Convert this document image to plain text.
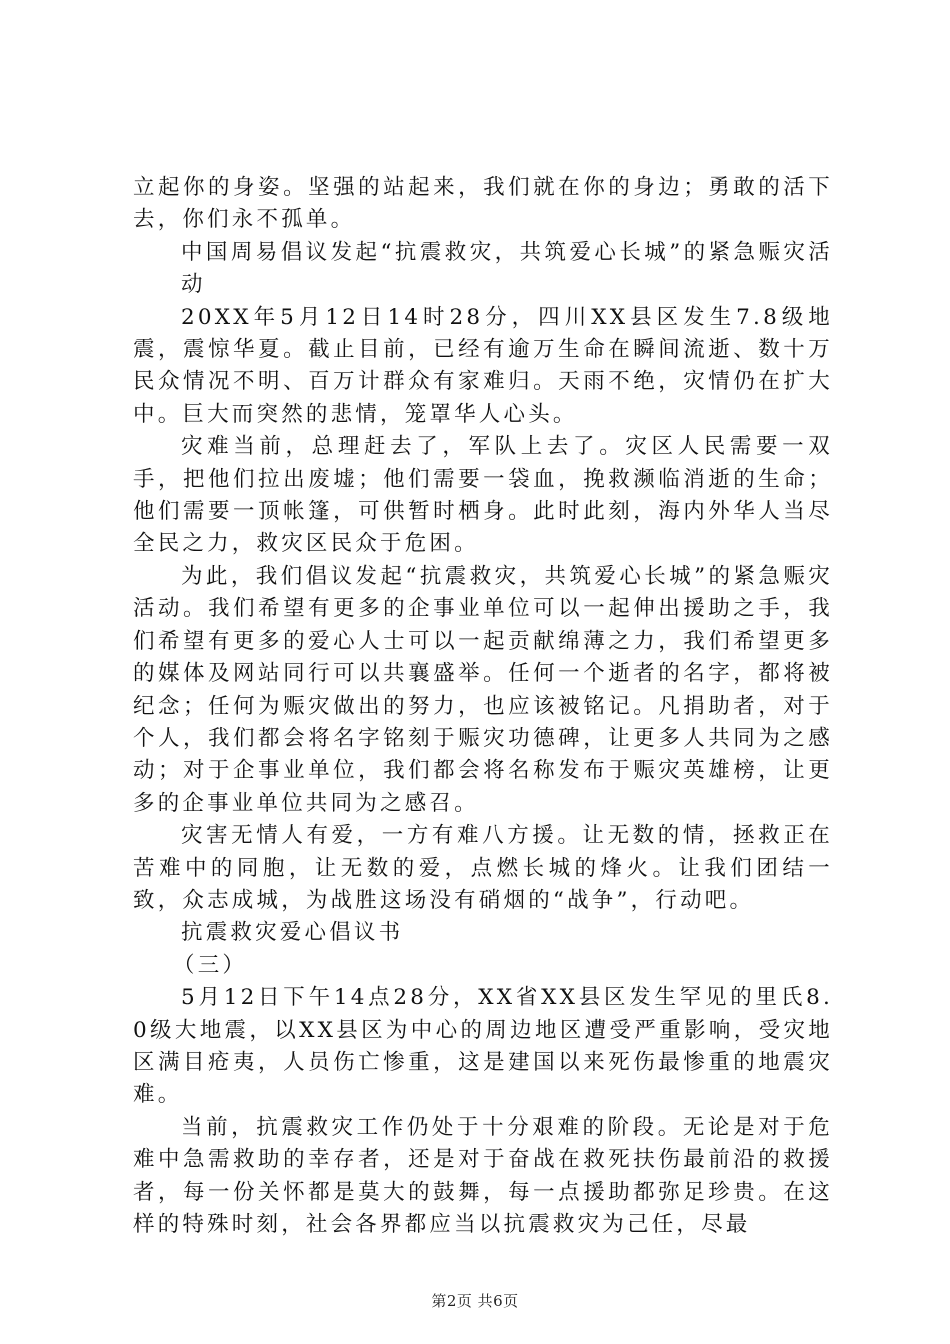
立起你的身姿。坚强的站起来，我们就在你的身边；勇敢的活下去，你们永不孤单。

中国周易倡议发起“抗震救灾，共筑爱心长城”的紧急赈灾活动

20XX年5月12日14时28分，四川XX县区发生7.8级地震，震惊华夏。截止目前，已经有逾万生命在瞬间流逝、数十万民众情况不明、百万计群众有家难归。天雨不绝，灾情仍在扩大中。巨大而突然的悲情，笼罩华人心头。

灾难当前，总理赶去了，军队上去了。灾区人民需要一双手，把他们拉出废墟；他们需要一袋血，挽救濒临消逝的生命；他们需要一顶帐篷，可供暂时栖身。此时此刻，海内外华人当尽全民之力，救灾区民众于危困。

为此，我们倡议发起“抗震救灾，共筑爱心长城”的紧急赈灾活动。我们希望有更多的企事业单位可以一起伸出援助之手，我们希望有更多的爱心人士可以一起贡献绵薄之力，我们希望更多的媒体及网站同行可以共襄盛举。任何一个逝者的名字，都将被纪念；任何为赈灾做出的努力，也应该被铭记。凡捐助者，对于个人，我们都会将名字铭刻于赈灾功德碑，让更多人共同为之感动；对于企事业单位，我们都会将名称发布于赈灾英雄榜，让更多的企事业单位共同为之感召。

灾害无情人有爱，一方有难八方援。让无数的情，拯救正在苦难中的同胞，让无数的爱，点燃长城的烽火。让我们团结一致，众志成城，为战胜这场没有硝烟的“战争”，行动吧。

抗震救灾爱心倡议书

（三）

5月12日下午14点28分，XX省XX县区发生罕见的里氏8.0级大地震，以XX县区为中心的周边地区遭受严重影响，受灾地区满目疮夷，人员伤亡惨重，这是建国以来死伤最惨重的地震灾难。

当前，抗震救灾工作仍处于十分艰难的阶段。无论是对于危难中急需救助的幸存者，还是对于奋战在救死扶伤最前沿的救援者，每一份关怀都是莫大的鼓舞，每一点援助都弥足珍贵。在这样的特殊时刻，社会各界都应当以抗震救灾为己任，尽最

第2页 共6页
